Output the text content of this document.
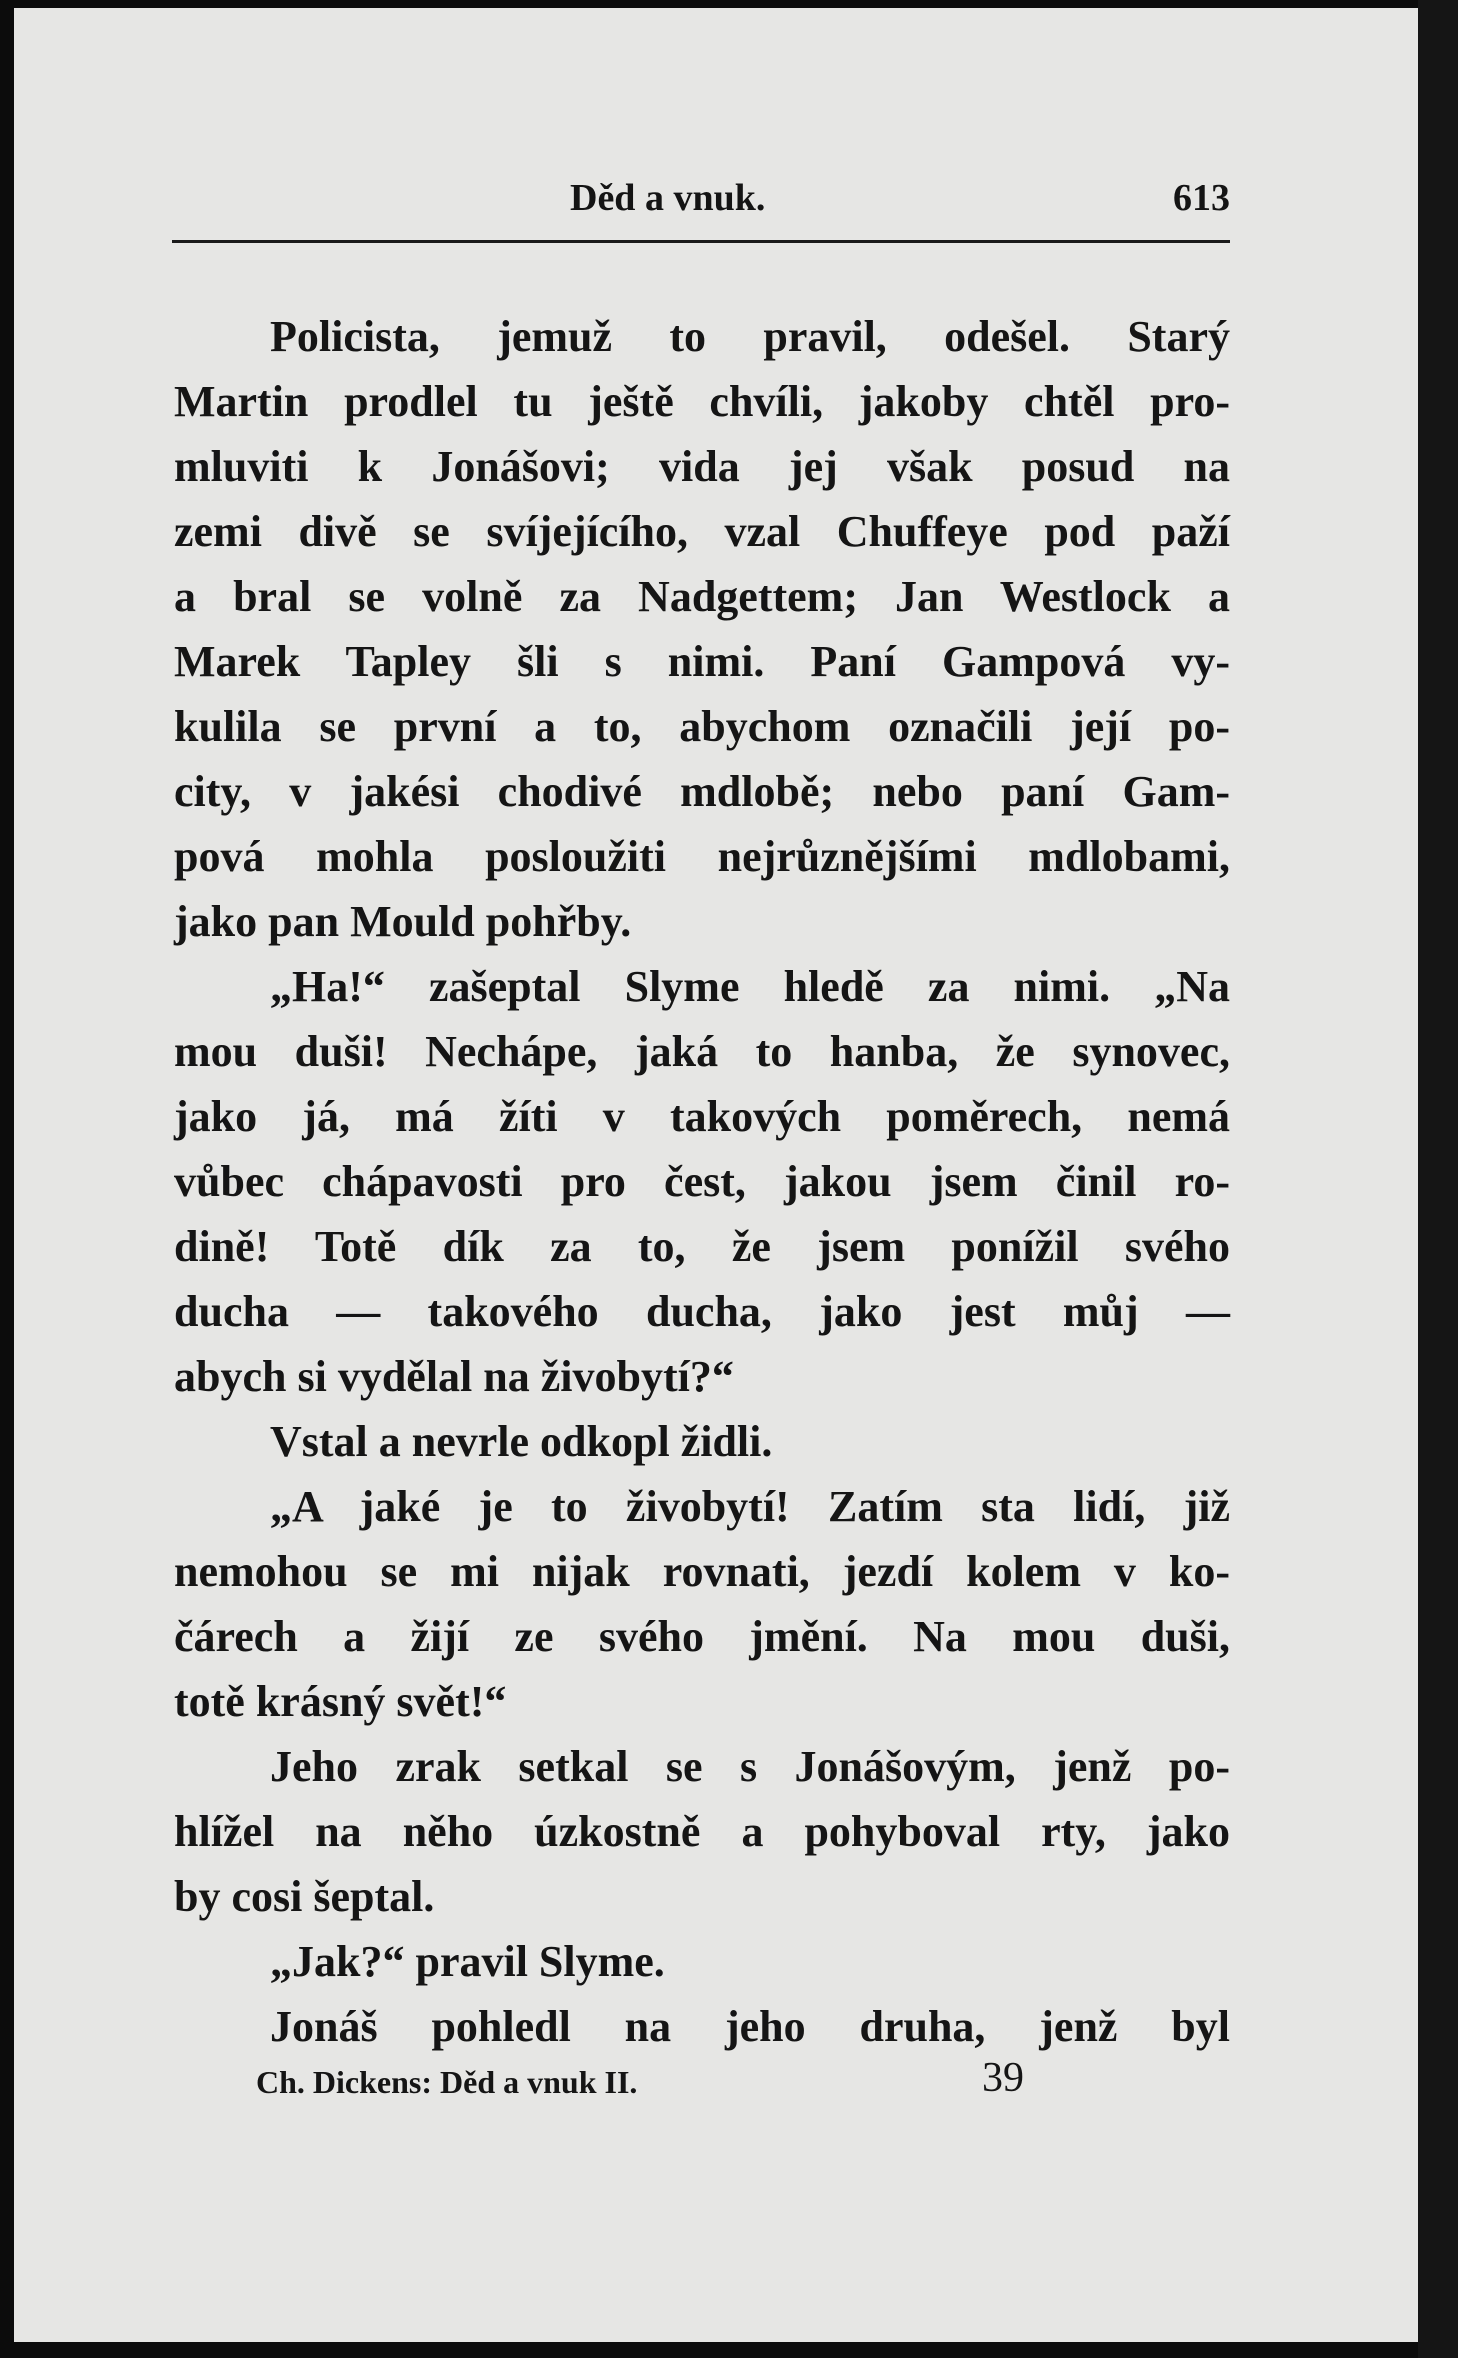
Děd a vnuk.	613
Policista, jemuž to pravil, odešel. Starý
Martin prodlel tu ještě chvíli, jakoby chtěl pro-
mluviti k Jonášovi; vida jej však posud na
zemi divě se svíjejícího, vzal Chuffeye pod paží
a bral se volně za Nadgettem; Jan Westlock a
Marek Tapley šli s nimi. Paní Gampová vy-
kulila se první a to, abychom označili její po-
city, v jakési chodivé mdlobě; nebo paní Gam-
pová mohla posloužiti nejrůznějšími mdlobami,
jako pan Mould pohřby.
„Ha!“ zašeptal Slyme hledě za nimi. „Na
mou duši! Nechápe, jaká to hanba, že synovec,
jako já, má žíti v takových poměrech, nemá
vůbec chápavosti pro čest, jakou jsem činil ro-
dině! Totě dík za to, že jsem ponížil svého
ducha — takového ducha, jako jest můj —
abych si vydělal na živobytí?“
Vstal a nevrle odkopl židli.
„A jaké je to živobytí! Zatím sta lidí, již
nemohou se mi nijak rovnati, jezdí kolem v ko-
čárech a žijí ze svého jmění. Na mou duši,
totě krásný svět!“
Jeho zrak setkal se s Jonášovým, jenž po-
hlížel na něho úzkostně a pohyboval rty, jako
by cosi šeptal.
„Jak?“ pravil Slyme.
Jonáš pohledl na jeho druha, jenž byl
Ch. Dickens: Děd a vnuk II.	39
